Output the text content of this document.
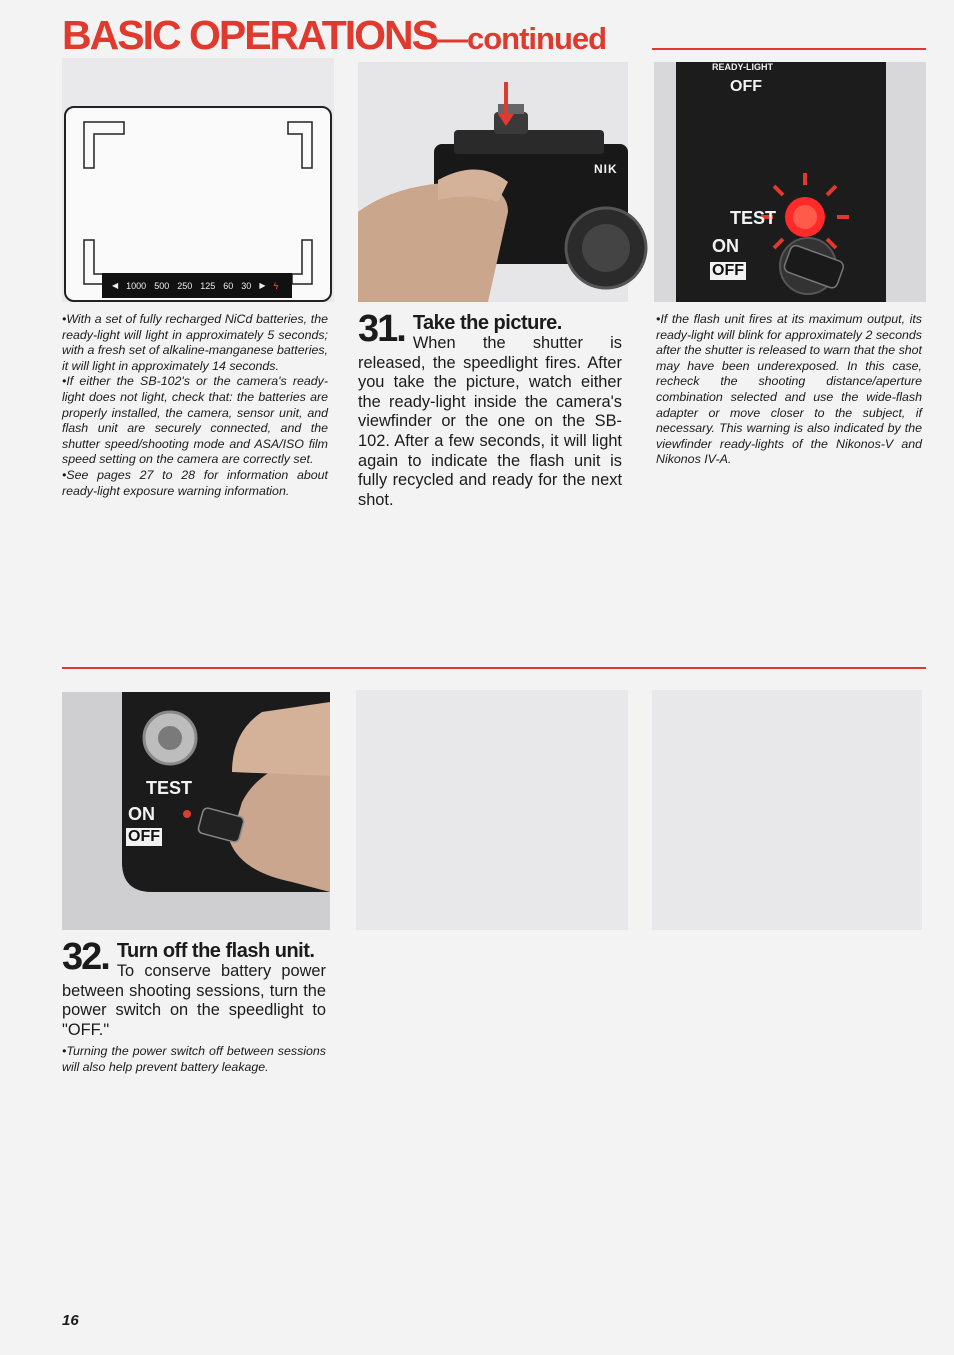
BASIC OPERATIONS—continued
◀ 1000 500 250 125 60 30 ▶ ϟ
NIK
READY-LIGHT
OFF
TEST
ON
OFF

•With a set of fully recharged NiCd batteries, the ready-light will light in approximately 5 seconds; with a fresh set of alkaline-manganese batteries, it will light in approximately 14 seconds.

•If either the SB-102's or the camera's ready-light does not light, check that: the batteries are properly installed, the camera, sensor unit, and flash unit are securely connected, and the shutter speed/shooting mode and ASA/ISO film speed setting on the camera are correctly set.

•See pages 27 to 28 for information about ready-light exposure warning information.

31. Take the picture.
When the shutter is released, the speedlight fires. After you take the picture, watch either the ready-light inside the camera's viewfinder or the one on the SB-102. After a few seconds, it will light again to indicate the flash unit is fully recycled and ready for the next shot.

•If the flash unit fires at its maximum output, its ready-light will blink for approximately 2 seconds after the shutter is released to warn that the shot may have been underexposed. In this case, recheck the shooting distance/aperture combination selected and use the wide-flash adapter or move closer to the subject, if necessary. This warning is also indicated by the viewfinder ready-lights of the Nikonos-V and Nikonos IV-A.

TEST
ON
OFF
32. Turn off the flash unit.
To conserve battery power between shooting sessions, turn the power switch on the speedlight to "OFF."
•Turning the power switch off between sessions will also help prevent battery leakage.
16
